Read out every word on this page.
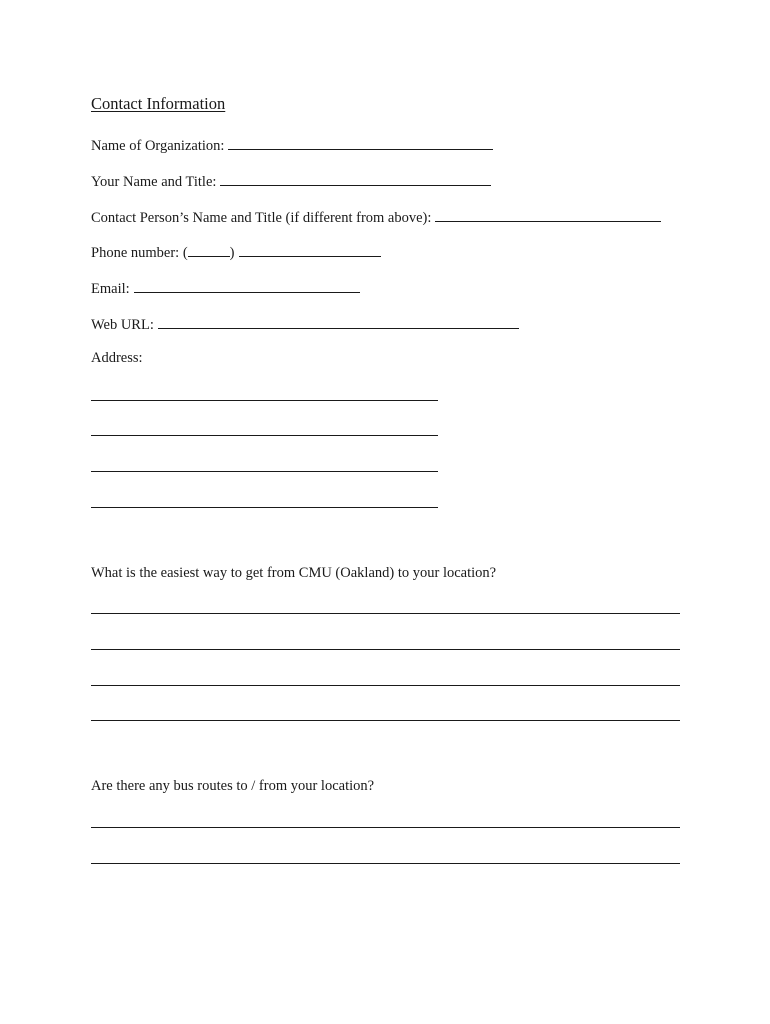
Contact Information
Name of Organization:
Your Name and Title:
Contact Person’s Name and Title (if different from above):
Phone number: (	)
Email:
Web URL:
Address:
What is the easiest way to get from CMU (Oakland) to your location?
Are there any bus routes to / from your location?
